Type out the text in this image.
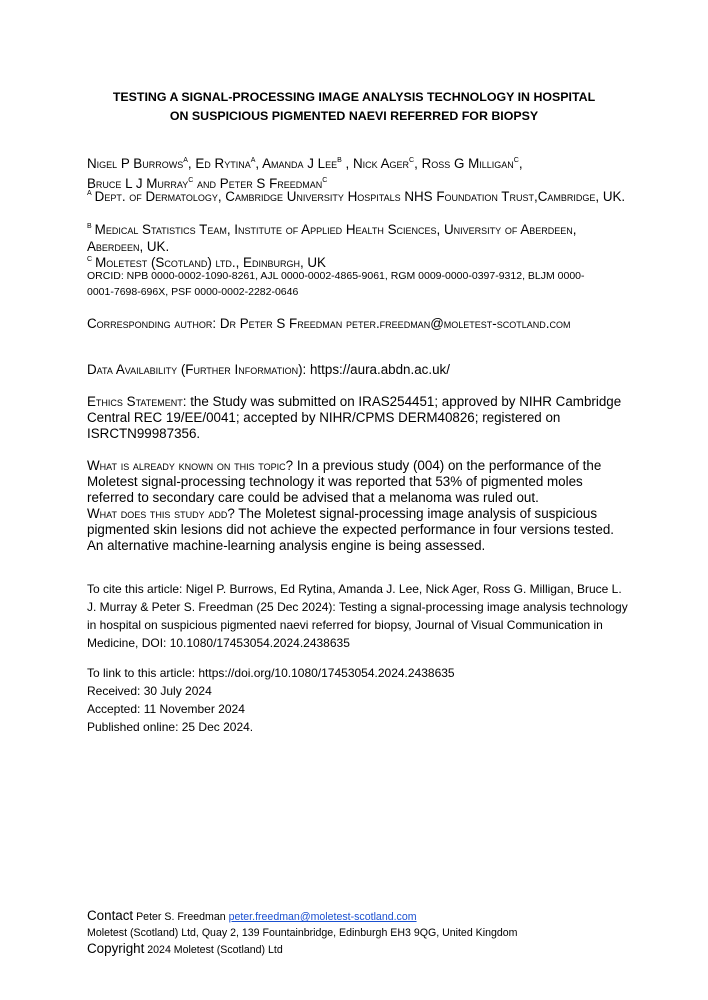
TESTING A SIGNAL-PROCESSING IMAGE ANALYSIS TECHNOLOGY IN HOSPITAL
ON SUSPICIOUS PIGMENTED NAEVI REFERRED FOR BIOPSY
Nigel P Burrows$^A$, Ed Rytina$^A$, Amanda J Lee$^B$ , Nick Ager$^C$, Ross G Milligan$^C$,
Bruce L J Murray$^C$ and Peter S Freedman$^C$
$^A$ Dept. of Dermatology, Cambridge University Hospitals NHS Foundation Trust,Cambridge, UK.
$^B$ Medical Statistics Team, Institute of Applied Health Sciences, University of Aberdeen, Aberdeen, UK.
$^C$ Moletest (Scotland) ltd., Edinburgh, UK
ORCID: NPB 0000-0002-1090-8261, AJL 0000-0002-4865-9061, RGM 0009-0000-0397-9312, BLJM 0000-0001-7698-696X, PSF 0000-0002-2282-0646
Corresponding author: Dr Peter S Freedman peter.freedman@moletest-scotland.com
Data Availability (Further Information): https://aura.abdn.ac.uk/
Ethics Statement: the Study was submitted on IRAS254451; approved by NIHR Cambridge Central REC 19/EE/0041; accepted by NIHR/CPMS DERM40826; registered on ISRCTN99987356.
What is already known on this topic? In a previous study (004) on the performance of the Moletest signal-processing technology it was reported that 53% of pigmented moles referred to secondary care could be advised that a melanoma was ruled out.
What does this study add? The Moletest signal-processing image analysis of suspicious pigmented skin lesions did not achieve the expected performance in four versions tested. An alternative machine-learning analysis engine is being assessed.
To cite this article: Nigel P. Burrows, Ed Rytina, Amanda J. Lee, Nick Ager, Ross G. Milligan, Bruce L. J. Murray & Peter S. Freedman (25 Dec 2024): Testing a signal-processing image analysis technology in hospital on suspicious pigmented naevi referred for biopsy, Journal of Visual Communication in Medicine, DOI: 10.1080/17453054.2024.2438635
To link to this article: https://doi.org/10.1080/17453054.2024.2438635
Received: 30 July 2024
Accepted: 11 November 2024
Published online: 25 Dec 2024.
Contact Peter S. Freedman peter.freedman@moletest-scotland.com
Moletest (Scotland) Ltd, Quay 2, 139 Fountainbridge, Edinburgh EH3 9QG, United Kingdom
Copyright 2024 Moletest (Scotland) Ltd
